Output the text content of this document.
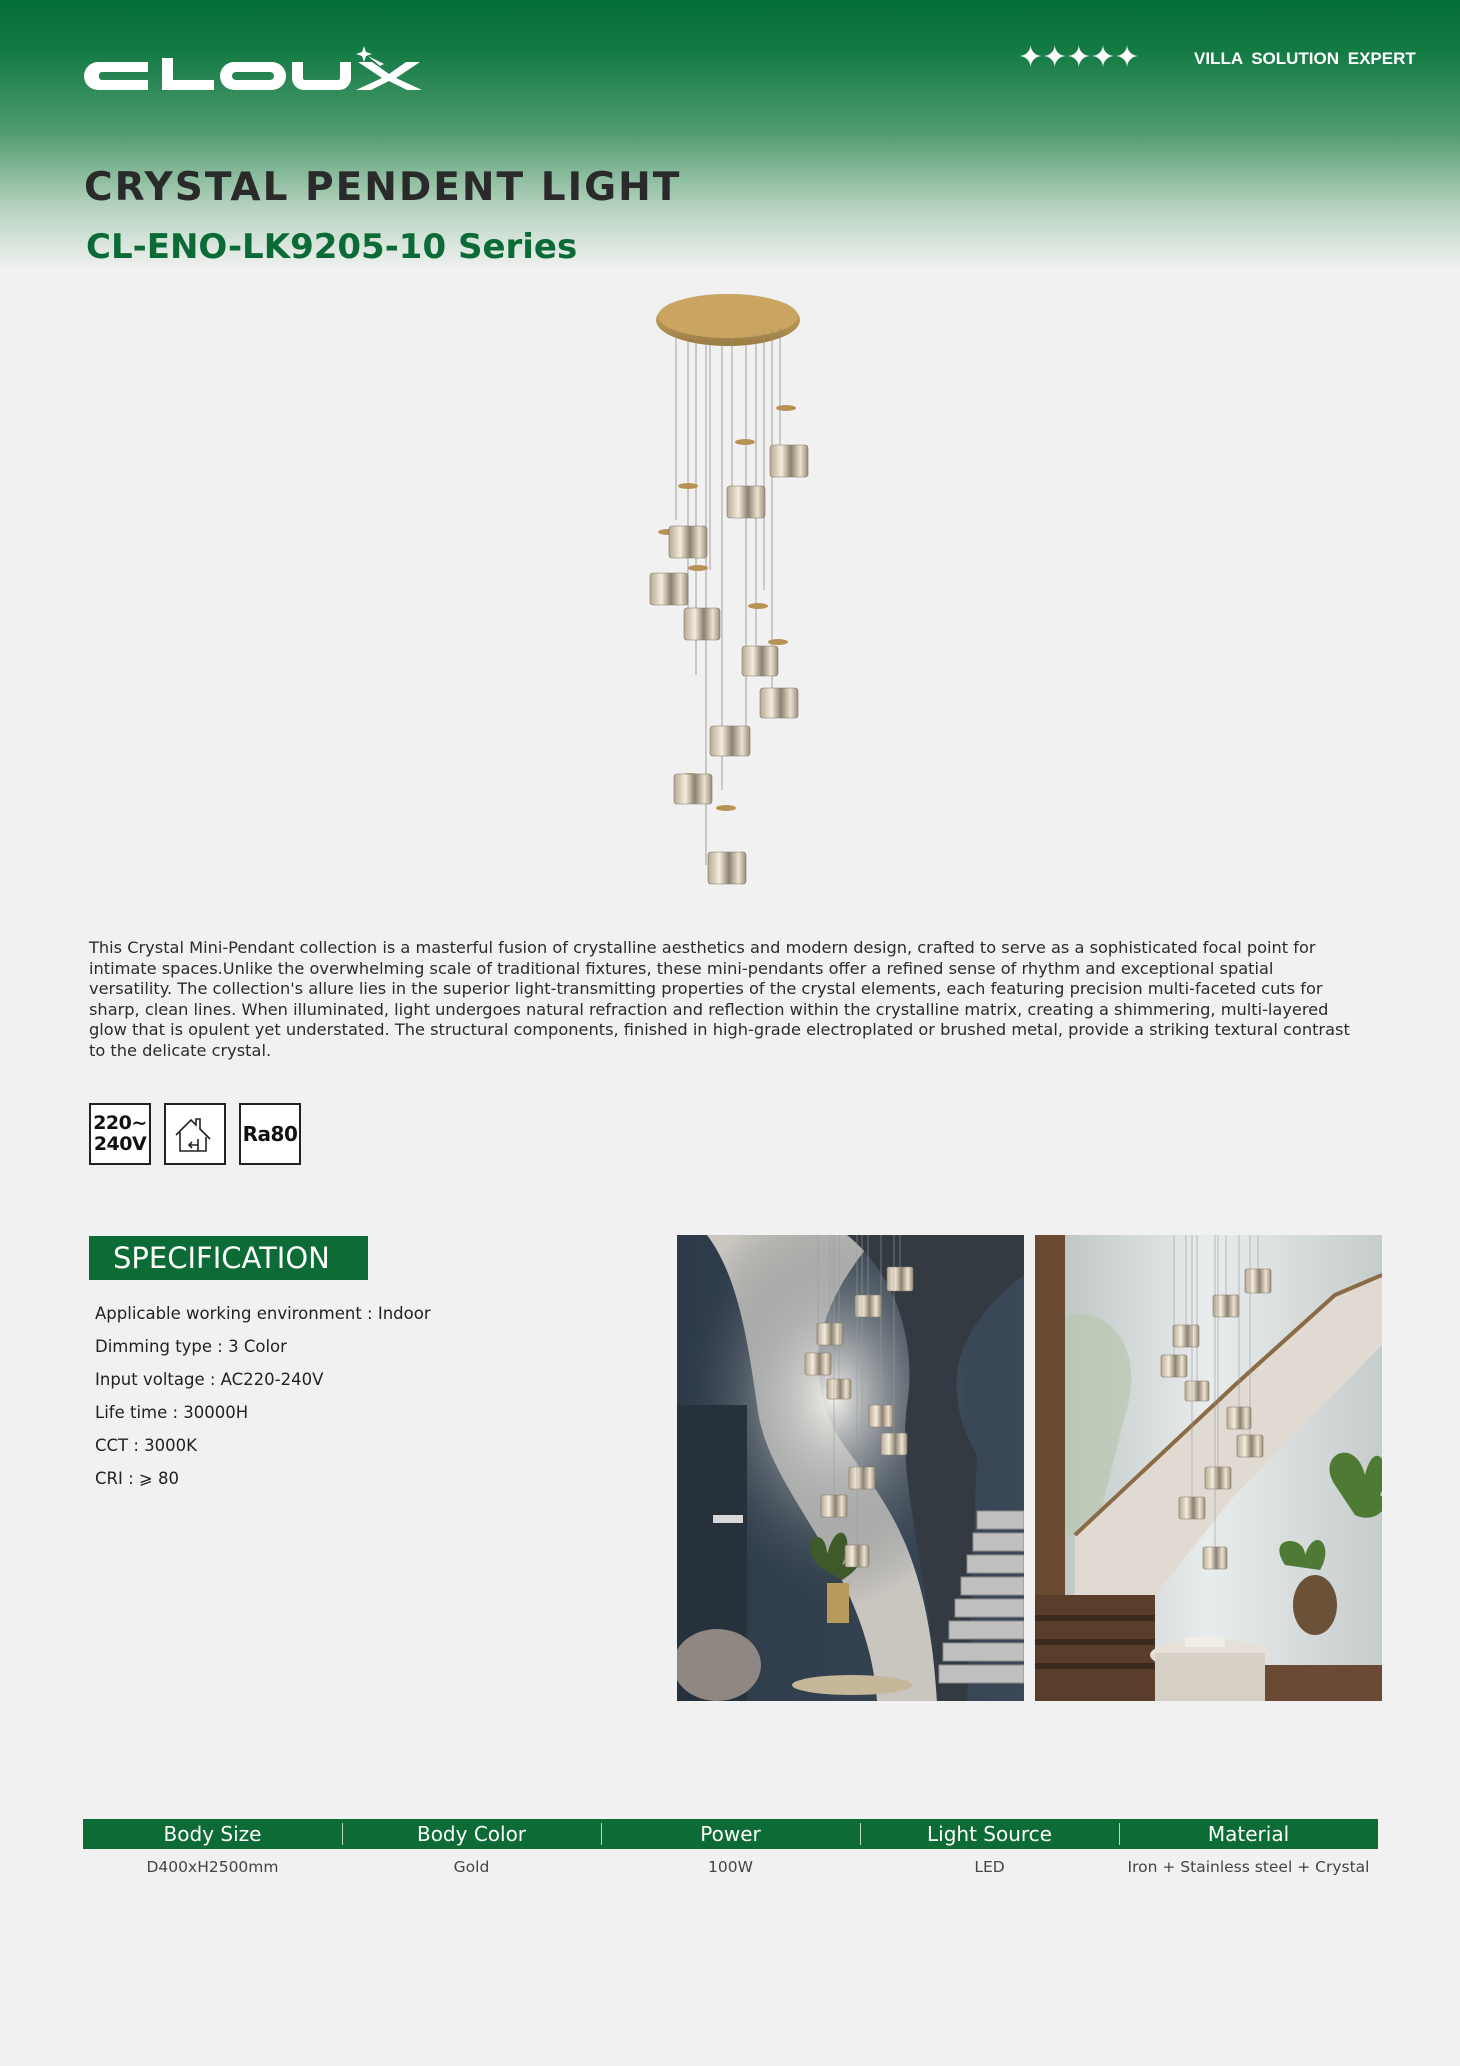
✦✦✦✦✦	VILLA SOLUTION EXPERT
CRYSTAL PENDENT LIGHT
CL-ENO-LK9205-10 Series

This Crystal Mini-Pendant collection is a masterful fusion of crystalline aesthetics and modern design, crafted to serve as a sophisticated focal point for intimate spaces.Unlike the overwhelming scale of traditional fixtures, these mini-pendants offer a refined sense of rhythm and exceptional spatial versatility. The collection's allure lies in the superior light-transmitting properties of the crystal elements, each featuring precision multi-faceted cuts for sharp, clean lines. When illuminated, light undergoes natural refraction and reflection within the crystalline matrix, creating a shimmering, multi-layered glow that is opulent yet understated. The structural components, finished in high-grade electroplated or brushed metal, provide a striking textural contrast to the delicate crystal.

220~
240V	Ra80
SPECIFICATION
Applicable working environment : Indoor
Dimming type : 3 Color
Input voltage : AC220-240V
Life time : 30000H
CCT : 3000K
CRI : ⩾ 80
Body Size	Body Color	Power	Light Source	Material
D400xH2500mm	Gold	100W	LED	Iron + Stainless steel + Crystal
